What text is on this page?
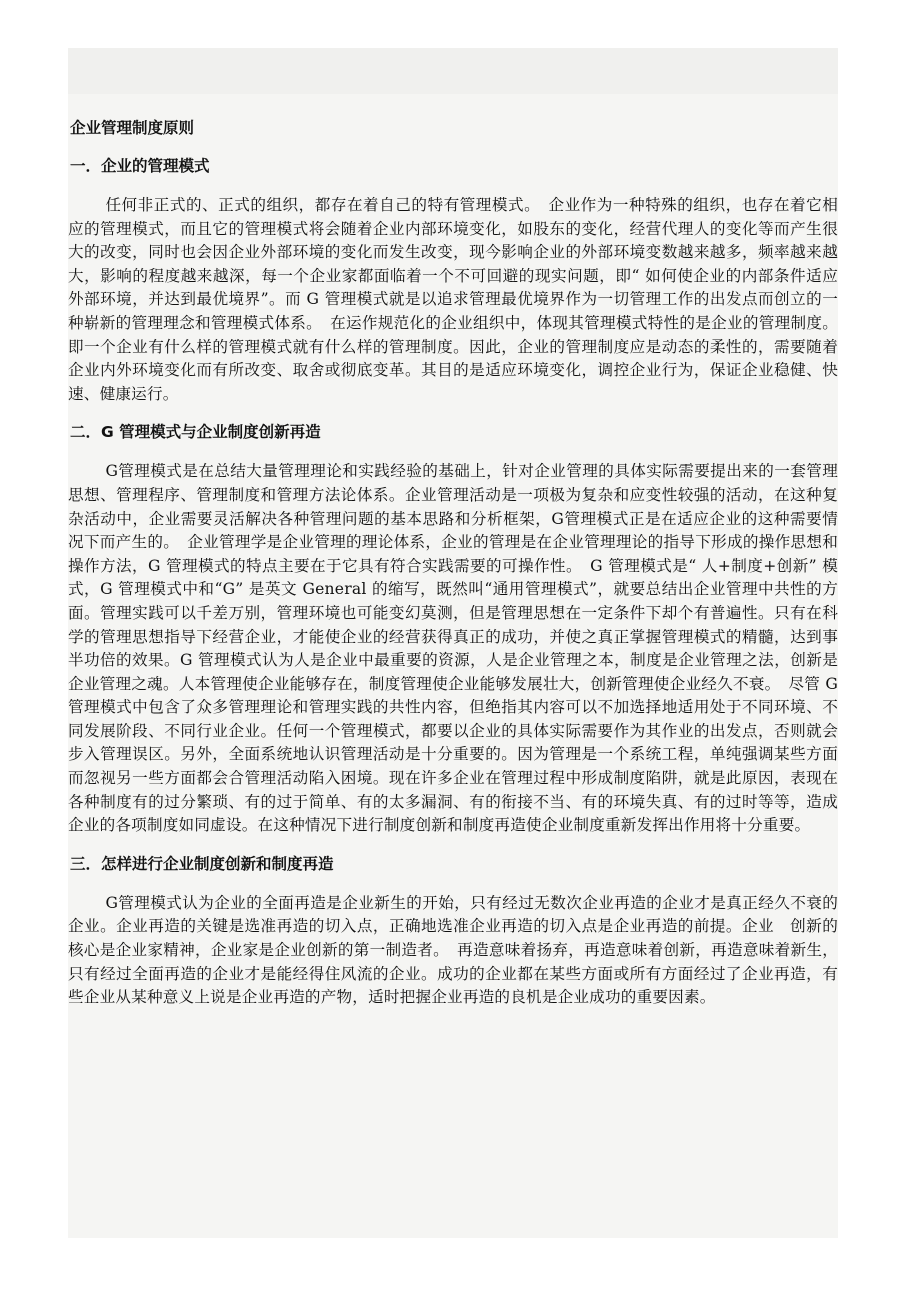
企业管理制度原则
一．企业的管理模式

任何非正式的、正式的组织，都存在着自己的特有管理模式。　企业作为一种特殊的组织，也存在着它相应的管理模式，而且它的管理模式将会随着企业内部环境变化，如股东的变化，经营代理人的变化等而产生很大的改变，同时也会因企业外部环境的变化而发生改变，现今影响企业的外部环境变数越来越多，频率越来越大，影响的程度越来越深，每一个企业家都面临着一个不可回避的现实问题，即“ 如何使企业的内部条件适应外部环境，并达到最优境界”。而 G 管理模式就是以追求管理最优境界作为一切管理工作的出发点而创立的一种崭新的管理理念和管理模式体系。　在运作规范化的企业组织中，体现其管理模式特性的是企业的管理制度。即一个企业有什么样的管理模式就有什么样的管理制度。因此，企业的管理制度应是动态的柔性的，需要随着企业内外环境变化而有所改变、取舍或彻底变革。其目的是适应环境变化，调控企业行为，保证企业稳健、快速、健康运行。

二．G 管理模式与企业制度创新再造

G管理模式是在总结大量管理理论和实践经验的基础上，针对企业管理的具体实际需要提出来的一套管理思想、管理程序、管理制度和管理方法论体系。企业管理活动是一项极为复杂和应变性较强的活动，在这种复杂活动中，企业需要灵活解决各种管理问题的基本思路和分析框架，G管理模式正是在适应企业的这种需要情况下而产生的。　企业管理学是企业管理的理论体系，企业的管理是在企业管理理论的指导下形成的操作思想和操作方法，G 管理模式的特点主要在于它具有符合实践需要的可操作性。　G 管理模式是“ 人+制度+创新” 模式，G 管理模式中和“G” 是英文 General 的缩写，既然叫“通用管理模式”，就要总结出企业管理中共性的方面。管理实践可以千差万别，管理环境也可能变幻莫测，但是管理思想在一定条件下却个有普遍性。只有在科学的管理思想指导下经营企业，才能使企业的经营获得真正的成功，并使之真正掌握管理模式的精髓，达到事半功倍的效果。G 管理模式认为人是企业中最重要的资源，人是企业管理之本，制度是企业管理之法，创新是企业管理之魂。人本管理使企业能够存在，制度管理使企业能够发展壮大，创新管理使企业经久不衰。　尽管 G 管理模式中包含了众多管理理论和管理实践的共性内容，但绝指其内容可以不加选择地适用处于不同环境、不同发展阶段、不同行业企业。任何一个管理模式，都要以企业的具体实际需要作为其作业的出发点，否则就会步入管理误区。另外，全面系统地认识管理活动是十分重要的。因为管理是一个系统工程，单纯强调某些方面而忽视另一些方面都会合管理活动陷入困境。现在许多企业在管理过程中形成制度陷阱，就是此原因，表现在各种制度有的过分繁琐、有的过于简单、有的太多漏洞、有的衔接不当、有的环境失真、有的过时等等，造成企业的各项制度如同虚设。在这种情况下进行制度创新和制度再造使企业制度重新发挥出作用将十分重要。

三．怎样进行企业制度创新和制度再造

G管理模式认为企业的全面再造是企业新生的开始，只有经过无数次企业再造的企业才是真正经久不衰的企业。企业再造的关键是选准再造的切入点，正确地选准企业再造的切入点是企业再造的前提。企业　创新的核心是企业家精神，企业家是企业创新的第一制造者。　再造意味着扬弃，再造意味着创新，再造意味着新生，只有经过全面再造的企业才是能经得住风流的企业。成功的企业都在某些方面或所有方面经过了企业再造，有些企业从某种意义上说是企业再造的产物，适时把握企业再造的良机是企业成功的重要因素。
